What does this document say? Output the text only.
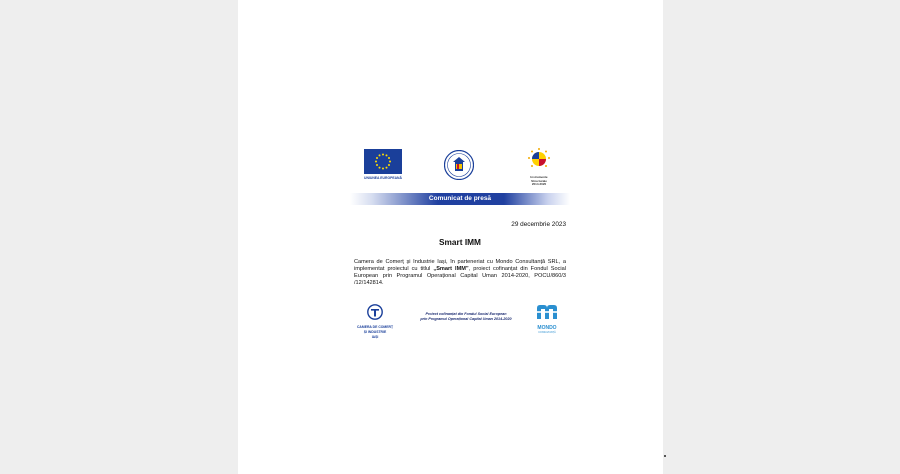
UNIUNEA EUROPEANĂ	Instrumente Structurale
2014-2020
Comunicat de presă
29 decembrie 2023
Smart IMM
Camera de Comerț și Industrie Iași, în parteneriat cu Mondo Consultanță SRL, a implementat proiectul cu titlul „Smart IMM”, proiect cofinanțat din Fondul Social European prin Programul Operațional Capital Uman 2014-2020, POCU/860/3 /12/142814.
CAMERA DE COMERȚ
ȘI INDUSTRIE
IAȘI
Proiect cofinanțat din Fondul Social European
prin Programul Operațional Capital Uman 2014-2020
MONDO
CONSULTANȚĂ
